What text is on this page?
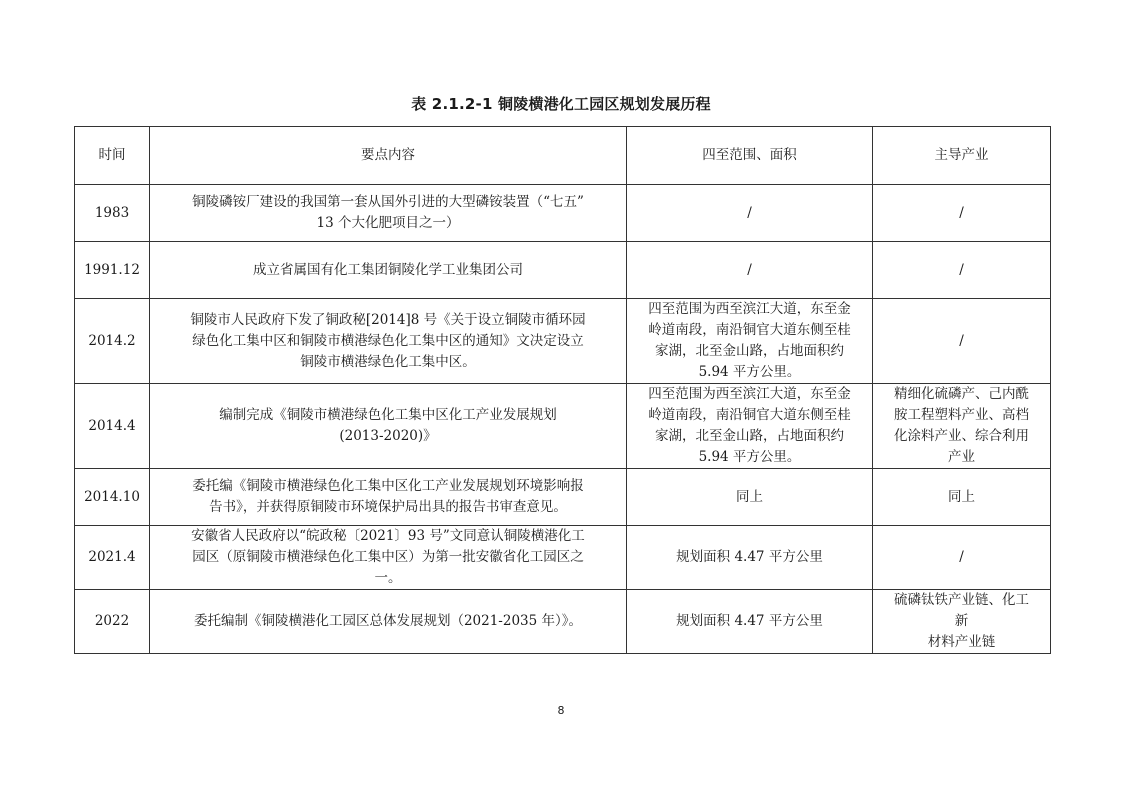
表 2.1.2-1 铜陵横港化工园区规划发展历程
时间	要点内容	四至范围、面积	主导产业
1983	铜陵磷铵厂建设的我国第一套从国外引进的大型磷铵装置（“七五”
13 个大化肥项目之一）	/	/

1991.12	成立省属国有化工集团铜陵化学工业集团公司	/	/

2014.2	铜陵市人民政府下发了铜政秘[2014]8 号《关于设立铜陵市循环园
绿色化工集中区和铜陵市横港绿色化工集中区的通知》文决定设立
铜陵市横港绿色化工集中区。	四至范围为西至滨江大道，东至金
岭道南段，南沿铜官大道东侧至桂
家湖，北至金山路，占地面积约
5.94 平方公里。	/

2014.4	编制完成《铜陵市横港绿色化工集中区化工产业发展规划
(2013-2020)》	四至范围为西至滨江大道，东至金
岭道南段，南沿铜官大道东侧至桂
家湖，北至金山路，占地面积约
5.94 平方公里。	精细化硫磷产、己内酰
胺工程塑料产业、高档
化涂料产业、综合利用
产业

2014.10	委托编《铜陵市横港绿色化工集中区化工产业发展规划环境影响报
告书》，并获得原铜陵市环境保护局出具的报告书审查意见。	同上	同上

2021.4	安徽省人民政府以“皖政秘〔2021〕93 号”文同意认铜陵横港化工
园区（原铜陵市横港绿色化工集中区）为第一批安徽省化工园区之
一。	规划面积 4.47 平方公里	/

2022	委托编制《铜陵横港化工园区总体发展规划（2021-2035 年）》。	规划面积 4.47 平方公里	硫磷钛铁产业链、化工
新
材料产业链
8
